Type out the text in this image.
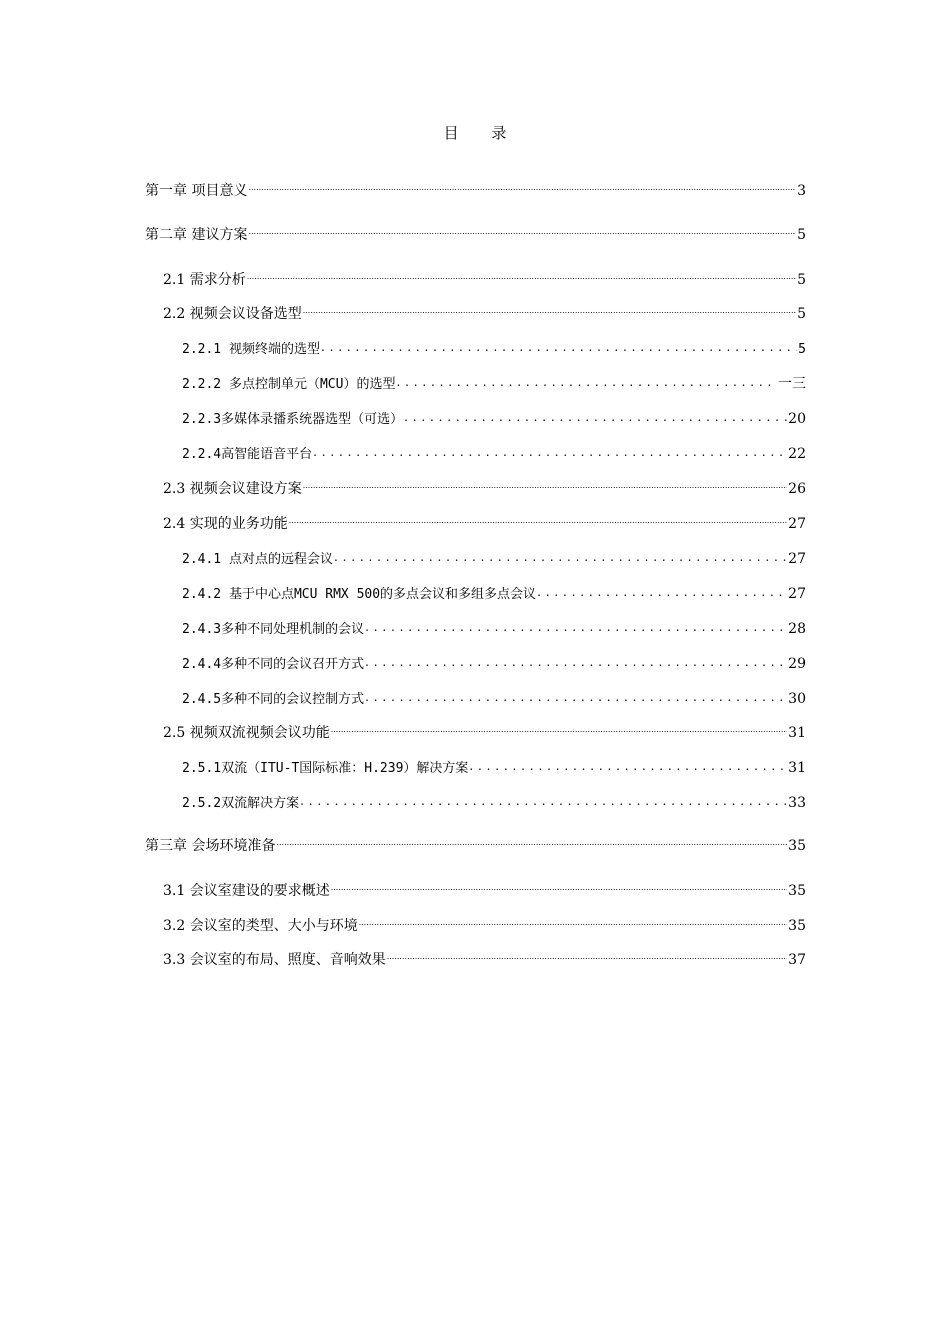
目 录
第一章 项目意义 .....	3
第二章 建议方案 .....	5
2.1 需求分析 .....	5
2.2 视频会议设备选型 .....	5
2.2.1 视频终端的选型 . . .	5
2.2.2 多点控制单元（MCU）的选型 . . .	一三
2.2.3多媒体录播系统器选型（可选） . . .	20
2.2.4高智能语音平台 . . .	22
2.3 视频会议建设方案 .....	26
2.4 实现的业务功能 .....	27
2.4.1 点对点的远程会议 . . .	27
2.4.2 基于中心点MCU RMX 500的多点会议和多组多点会议 . . .	27
2.4.3多种不同处理机制的会议 . . .	28
2.4.4多种不同的会议召开方式 . . .	29
2.4.5多种不同的会议控制方式 . . .	30
2.5 视频双流视频会议功能 .....	31
2.5.1双流（ITU-T国际标准：H.239）解决方案 . . .	31
2.5.2双流解决方案 . . .	33
第三章 会场环境准备 .....	35
3.1 会议室建设的要求概述 .....	35
3.2 会议室的类型、大小与环境 .....	35
3.3 会议室的布局、照度、音响效果 .....	37
